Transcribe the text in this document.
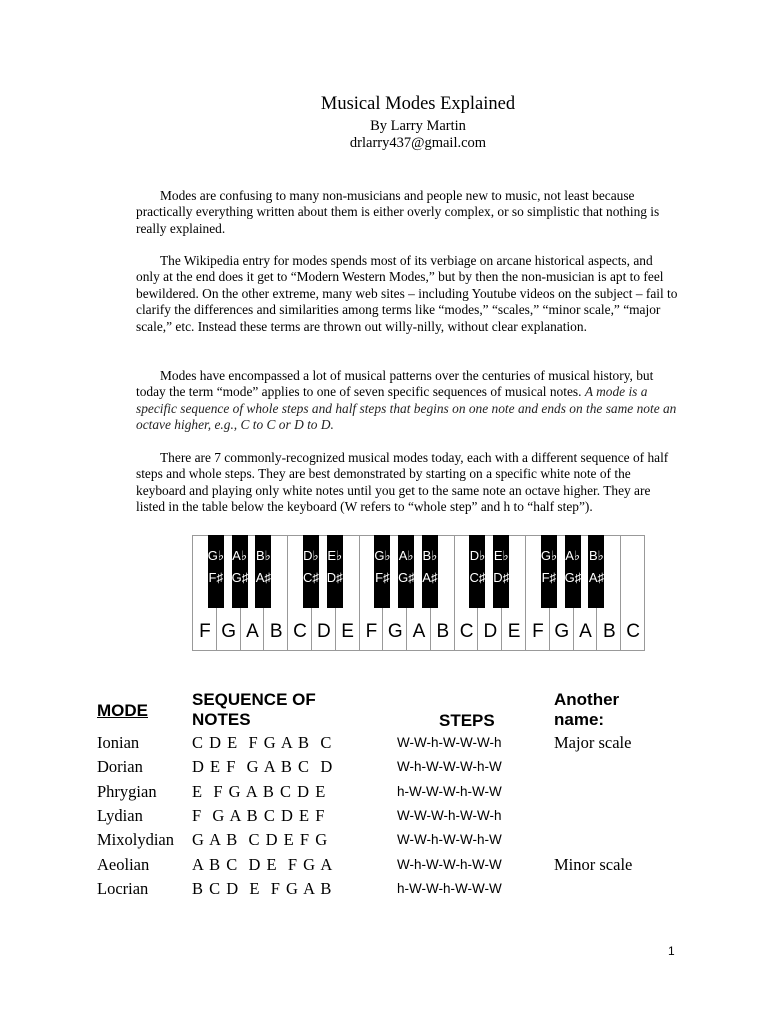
Musical Modes Explained
By Larry Martin
drlarry437@gmail.com

Modes are confusing to many non-musicians and people new to music, not least because practically everything written about them is either overly complex, or so simplistic that nothing is really explained.

The Wikipedia entry for modes spends most of its verbiage on arcane historical aspects, and only at the end does it get to “Modern Western Modes,” but by then the non-musician is apt to feel bewildered. On the other extreme, many web sites – including Youtube videos on the subject – fail to clarify the differences and similarities among terms like “modes,” “scales,” “minor scale,” “major scale,” etc. Instead these terms are thrown out willy-nilly, without clear explanation.

Modes have encompassed a lot of musical patterns over the centuries of musical history, but today the term “mode” applies to one of seven specific sequences of musical notes. A mode is a specific sequence of whole steps and half steps that begins on one note and ends on the same note an octave higher, e.g., C to C or D to D.

There are 7 commonly-recognized musical modes today, each with a different sequence of half steps and whole steps. They are best demonstrated by starting on a specific white note of the keyboard and playing only white notes until you get to the same note an octave higher. They are listed in the table below the keyboard (W refers to “whole step” and h to “half step”).

F G A B C D E F G A B C D E F G A B C
G♭
F♯
A♭
G♯
B♭
A♯
D♭
C♯
E♭
D♯
G♭
F♯
A♭
G♯
B♭
A♯
D♭
C♯
E♭
D♯
G♭
F♯
A♭
G♯
B♭
A♯
MODE
SEQUENCE OF
NOTES	STEPS
Another
name:
Ionian	C D E  F G A B  C	W-W-h-W-W-W-h	Major scale
Dorian	D E F  G A B C  D	W-h-W-W-W-h-W
Phrygian E  F G A B C D E	h-W-W-W-h-W-W
Lydian	F  G A B C D E F	W-W-W-h-W-W-h
Mixolydian G A B  C D E F G	W-W-h-W-W-h-W
Aeolian	A B C  D E  F G A	W-h-W-W-h-W-W	Minor scale
Locrian	B C D  E  F G A B	h-W-W-h-W-W-W
1
